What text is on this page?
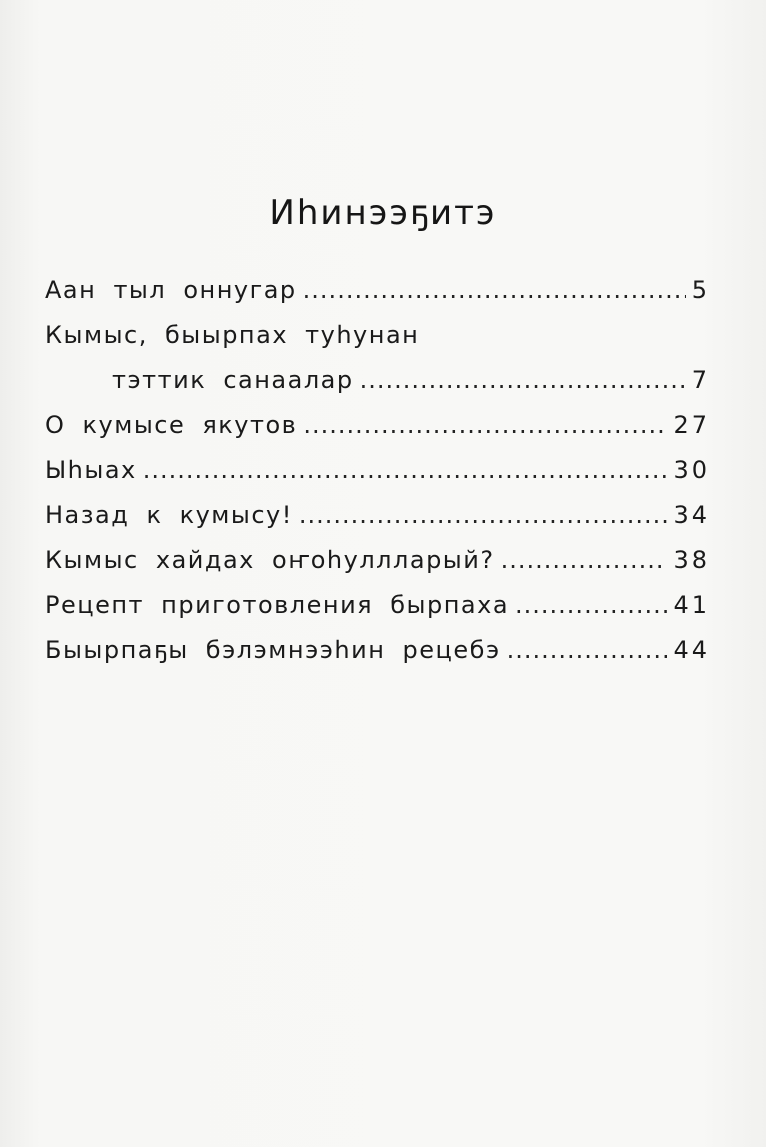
Иһинээҕитэ
Аан тыл оннугар .....	5
Кымыс, быырпах туһунан
тэттик санаалар .....	7
О кумысе якутов .....	27
Ыһыах .....	30
Назад к кумысу! .....	34
Кымыс хайдах оҥоһуллларый? .....	38
Рецепт приготовления бырпаха .....	41
Быырпаҕы бэлэмнээһин рецебэ .....	44
